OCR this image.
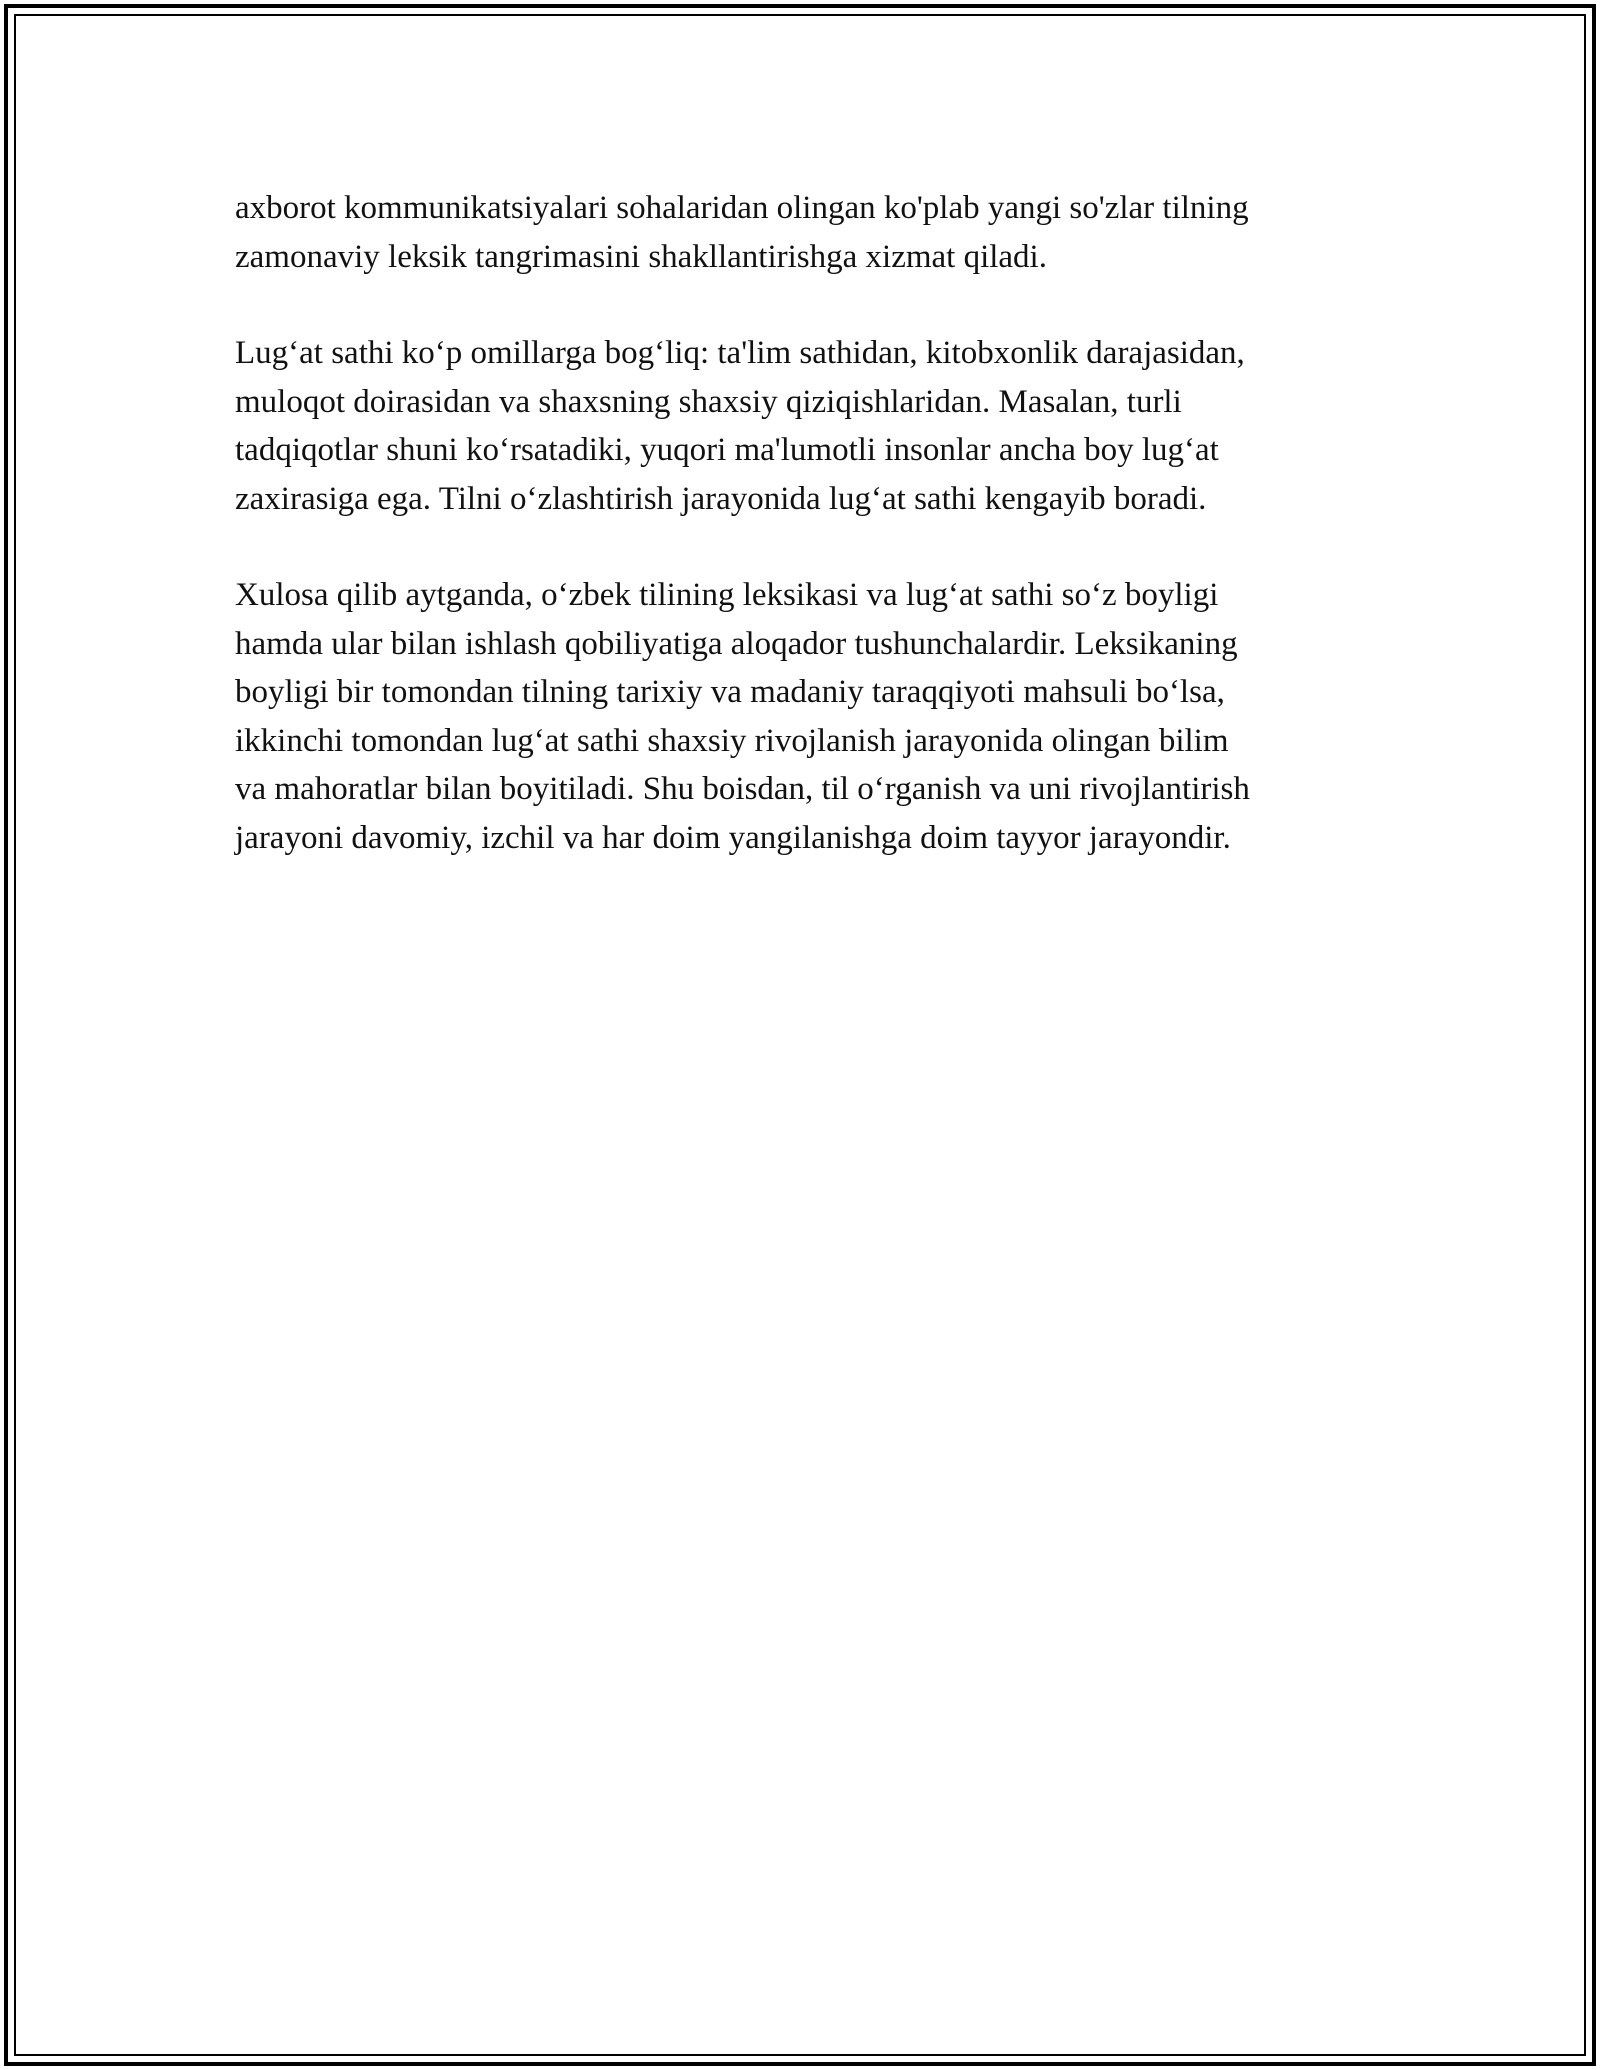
axborot kommunikatsiyalari sohalaridan olingan ko'plab yangi so'zlar tilning
zamonaviy leksik tangrimasini shakllantirishga xizmat qiladi.

Lug‘at sathi ko‘p omillarga bog‘liq: ta'lim sathidan, kitobxonlik darajasidan,
muloqot doirasidan va shaxsning shaxsiy qiziqishlaridan. Masalan, turli
tadqiqotlar shuni ko‘rsatadiki, yuqori ma'lumotli insonlar ancha boy lug‘at
zaxirasiga ega. Tilni o‘zlashtirish jarayonida lug‘at sathi kengayib boradi.

Xulosa qilib aytganda, o‘zbek tilining leksikasi va lug‘at sathi so‘z boyligi
hamda ular bilan ishlash qobiliyatiga aloqador tushunchalardir. Leksikaning
boyligi bir tomondan tilning tarixiy va madaniy taraqqiyoti mahsuli bo‘lsa,
ikkinchi tomondan lug‘at sathi shaxsiy rivojlanish jarayonida olingan bilim
va mahoratlar bilan boyitiladi. Shu boisdan, til o‘rganish va uni rivojlantirish
jarayoni davomiy, izchil va har doim yangilanishga doim tayyor jarayondir.
